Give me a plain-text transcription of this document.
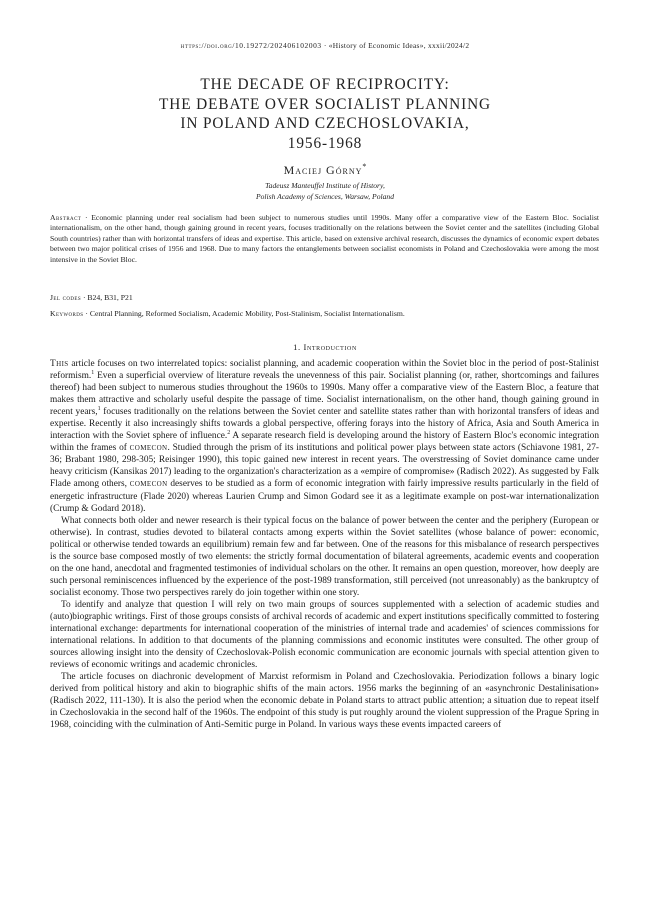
https://doi.org/10.19272/202406102003 · «History of Economic Ideas», xxxii/2024/2
THE DECADE OF RECIPROCITY:
THE DEBATE OVER SOCIALIST PLANNING
IN POLAND AND CZECHOSLOVAKIA,
1956-1968
Maciej Górny*
Tadeusz Manteuffel Institute of History,
Polish Academy of Sciences, Warsaw, Poland

Abstract · Economic planning under real socialism had been subject to numerous studies until 1990s. Many offer a comparative view of the Eastern Bloc. Socialist internationalism, on the other hand, though gaining ground in recent years, focuses traditionally on the relations between the Soviet center and the satellites (including Global South countries) rather than with horizontal transfers of ideas and expertise. This article, based on extensive archival research, discusses the dynamics of economic expert debates between two major political crises of 1956 and 1968. Due to many factors the entanglements between socialist economists in Poland and Czechoslovakia were among the most intensive in the Soviet Bloc.

Jel codes · B24, B31, P21

Keywords · Central Planning, Reformed Socialism, Academic Mobility, Post-Stalinism, Socialist Internationalism.

1. Introduction

This article focuses on two interrelated topics: socialist planning, and academic cooperation within the Soviet bloc in the period of post-Stalinist reformism.$^1$ Even a superficial overview of literature reveals the unevenness of this pair. Socialist planning (or, rather, shortcomings and failures thereof) had been subject to numerous studies throughout the 1960s to 1990s. Many offer a comparative view of the Eastern Bloc, a feature that makes them attractive and scholarly useful despite the passage of time. Socialist internationalism, on the other hand, though gaining ground in recent years,$^1$ focuses traditionally on the relations between the Soviet center and satellite states rather than with horizontal transfers of ideas and expertise. Recently it also increasingly shifts towards a global perspective, offering forays into the history of Africa, Asia and South America in interaction with the Soviet sphere of influence.$^2$ A separate research field is developing around the history of Eastern Bloc's economic integration within the frames of comecon. Studied through the prism of its institutions and political power plays between state actors (Schiavone 1981, 27-36; Brabant 1980, 298-305; Reisinger 1990), this topic gained new interest in recent years. The overstressing of Soviet dominance came under heavy criticism (Kansikas 2017) leading to the organization's characterization as a «empire of compromise» (Radisch 2022). As suggested by Falk Flade among others, comecon deserves to be studied as a form of economic integration with fairly impressive results particularly in the field of energetic infrastructure (Flade 2020) whereas Laurien Crump and Simon Godard see it as a legitimate example on post-war internationalization (Crump & Godard 2018).

What connects both older and newer research is their typical focus on the balance of power between the center and the periphery (European or otherwise). In contrast, studies devoted to bilateral contacts among experts within the Soviet satellites (whose balance of power: economic, political or otherwise tended towards an equilibrium) remain few and far between. One of the reasons for this misbalance of research perspectives is the source base composed mostly of two elements: the strictly formal documentation of bilateral agreements, academic events and cooperation on the one hand, anecdotal and fragmented testimonies of individual scholars on the other. It remains an open question, moreover, how deeply are such personal reminiscences influenced by the experience of the post-1989 transformation, still perceived (not unreasonably) as the bankruptcy of socialist economy. Those two perspectives rarely do join together within one story.

To identify and analyze that question I will rely on two main groups of sources supplemented with a selection of academic studies and (auto)biographic writings. First of those groups consists of archival records of academic and expert institutions specifically committed to fostering international exchange: departments for international cooperation of the ministries of internal trade and academies' of sciences commissions for international relations. In addition to that documents of the planning commissions and economic institutes were consulted. The other group of sources allowing insight into the density of Czechoslovak-Polish economic communication are economic journals with special attention given to reviews of economic writings and academic chronicles.

The article focuses on diachronic development of Marxist reformism in Poland and Czechoslovakia. Periodization follows a binary logic derived from political history and akin to biographic shifts of the main actors. 1956 marks the beginning of an «asynchronic Destalinisation» (Radisch 2022, 111-130). It is also the period when the economic debate in Poland starts to attract public attention; a situation due to repeat itself in Czechoslovakia in the second half of the 1960s. The endpoint of this study is put roughly around the violent suppression of the Prague Spring in 1968, coinciding with the culmination of Anti-Semitic purge in Poland. In various ways these events impacted careers of
